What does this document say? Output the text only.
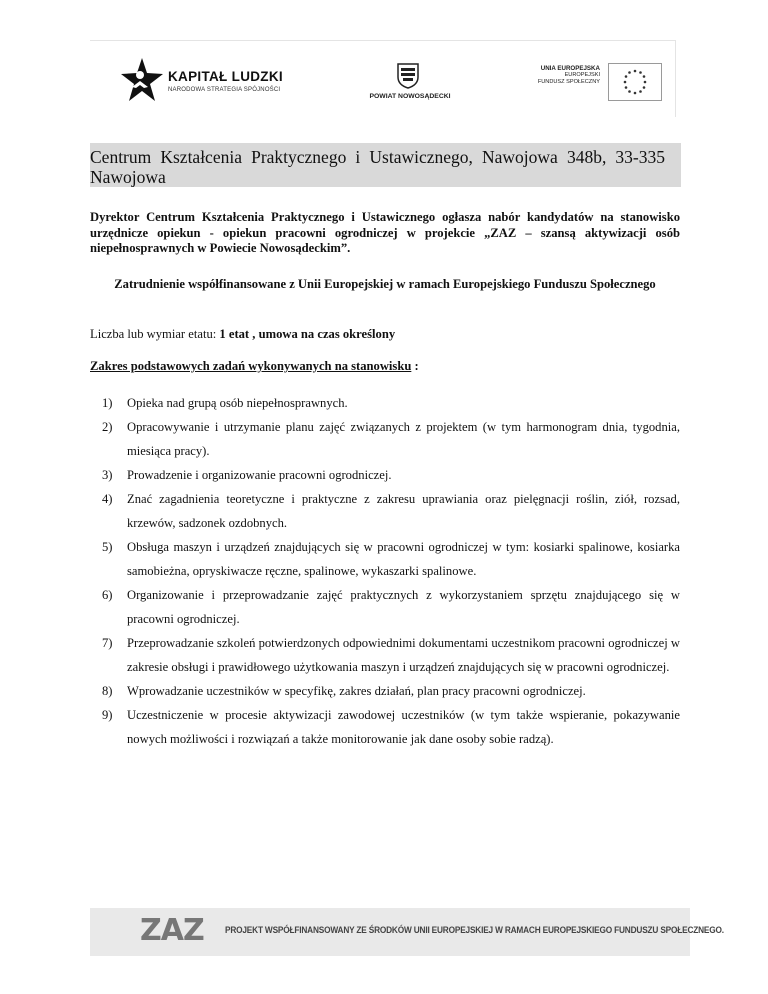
KAPITAŁ LUDZKI
NARODOWA STRATEGIA SPÓJNOŚCI
POWIAT NOWOSĄDECKI
UNIA EUROPEJSKA
EUROPEJSKI
FUNDUSZ SPOŁECZNY
Centrum Kształcenia Praktycznego i Ustawicznego, Nawojowa 348b, 33-335 Nawojowa
Dyrektor Centrum Kształcenia Praktycznego i Ustawicznego ogłasza nabór kandydatów na stanowisko urzędnicze opiekun - opiekun pracowni ogrodniczej w projekcie „ZAZ – szansą aktywizacji osób niepełnosprawnych w Powiecie Nowosądeckim”.
Zatrudnienie współfinansowane z Unii Europejskiej w ramach Europejskiego Funduszu Społecznego
Liczba lub wymiar etatu: 1 etat , umowa na czas określony
Zakres podstawowych zadań wykonywanych na stanowisku :
1) Opieka nad grupą osób niepełnosprawnych.
2) Opracowywanie i utrzymanie planu zajęć związanych z projektem (w tym harmonogram dnia, tygodnia, miesiąca pracy).
3) Prowadzenie i organizowanie pracowni ogrodniczej.
4) Znać zagadnienia teoretyczne i praktyczne z zakresu uprawiania oraz pielęgnacji roślin, ziół, rozsad, krzewów, sadzonek ozdobnych.
5) Obsługa maszyn i urządzeń znajdujących się w pracowni ogrodniczej w tym: kosiarki spalinowe, kosiarka samobieżna, opryskiwacze ręczne, spalinowe, wykaszarki spalinowe.
6) Organizowanie i przeprowadzanie zajęć praktycznych z wykorzystaniem sprzętu znajdującego się w pracowni ogrodniczej.
7) Przeprowadzanie szkoleń potwierdzonych odpowiednimi dokumentami uczestnikom pracowni ogrodniczej w zakresie obsługi i prawidłowego użytkowania maszyn i urządzeń znajdujących się w pracowni ogrodniczej.
8) Wprowadzanie uczestników w specyfikę, zakres działań, plan pracy pracowni ogrodniczej.
9) Uczestniczenie w procesie aktywizacji zawodowej uczestników (w tym także wspieranie, pokazywanie nowych możliwości i rozwiązań a także monitorowanie jak dane osoby sobie radzą).
ZAZ PROJEKT WSPÓŁFINANSOWANY ZE ŚRODKÓW UNII EUROPEJSKIEJ W RAMACH EUROPEJSKIEGO FUNDUSZU SPOŁECZNEGO.
